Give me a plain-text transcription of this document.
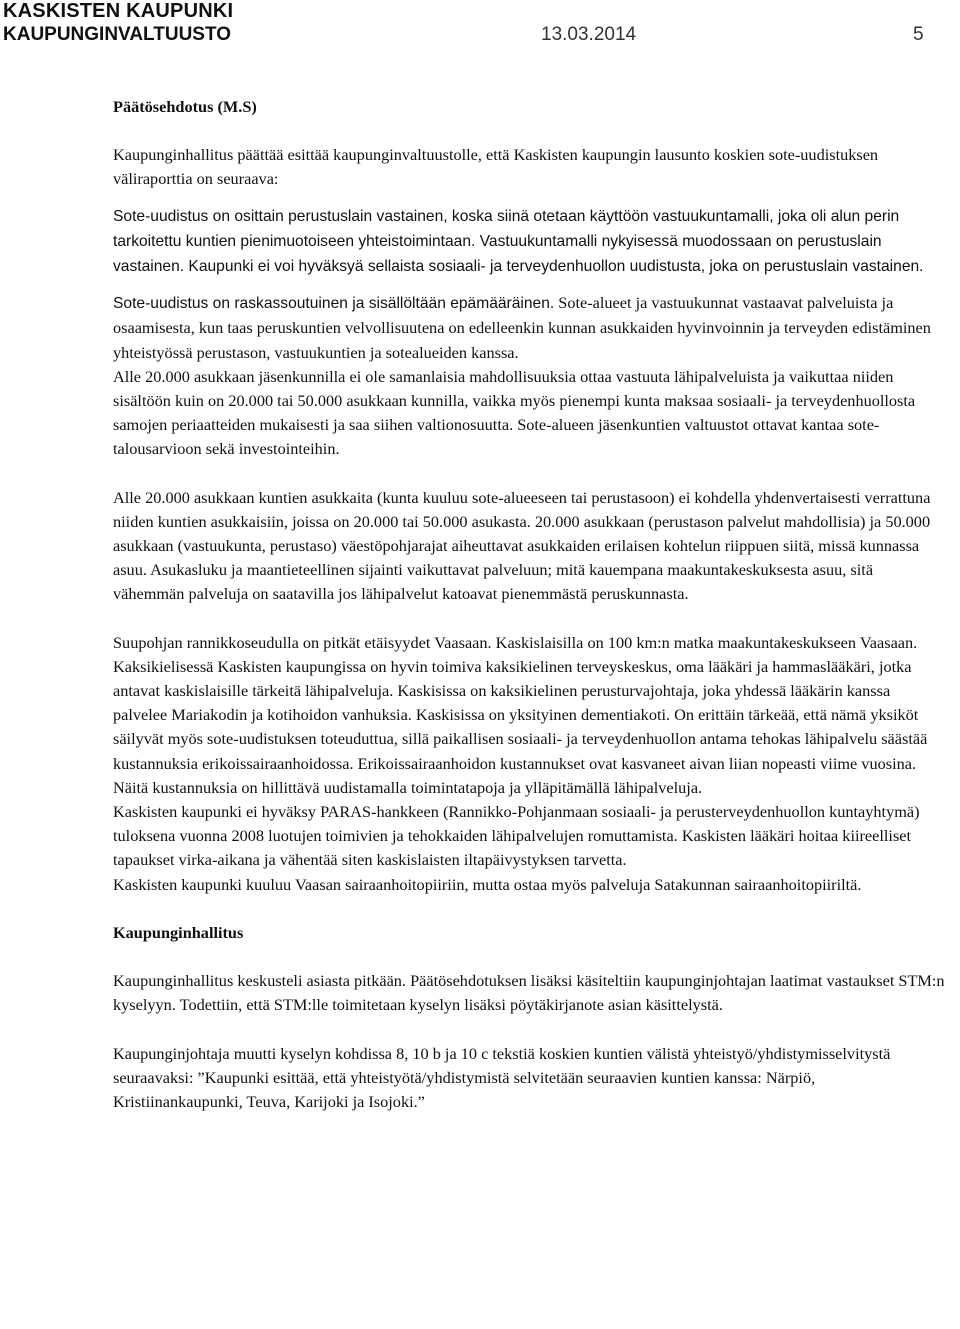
KASKISTEN KAUPUNKI
KAUPUNGINVALTUUSTO	13.03.2014	5

Päätösehdotus (M.S)

Kaupunginhallitus päättää esittää kaupunginvaltuustolle, että Kaskisten kaupungin lausunto koskien sote-uudistuksen väliraporttia on seuraava:

Sote-uudistus on osittain perustuslain vastainen, koska siinä otetaan käyttöön vastuukuntamalli, joka oli alun perin tarkoitettu kuntien pienimuotoiseen yhteistoimintaan. Vastuukuntamalli nykyisessä muodossaan on perustuslain vastainen. Kaupunki ei voi hyväksyä sellaista sosiaali- ja terveydenhuollon uudistusta, joka on perustuslain vastainen.

Sote-uudistus on raskassoutuinen ja sisällöltään epämääräinen. Sote-alueet ja vastuukunnat vastaavat palveluista ja osaamisesta, kun taas peruskuntien velvollisuutena on edelleenkin kunnan asukkaiden hyvinvoinnin ja terveyden edistäminen yhteistyössä perustason, vastuukuntien ja sotealueiden kanssa.

Alle 20.000 asukkaan jäsenkunnilla ei ole samanlaisia mahdollisuuksia ottaa vastuuta lähipalveluista ja vaikuttaa niiden sisältöön kuin on 20.000 tai 50.000 asukkaan kunnilla, vaikka myös pienempi kunta maksaa sosiaali- ja terveydenhuollosta samojen periaatteiden mukaisesti ja saa siihen valtionosuutta. Sote-alueen jäsenkuntien valtuustot ottavat kantaa sote-talousarvioon sekä investointeihin.

Alle 20.000 asukkaan kuntien asukkaita (kunta kuuluu sote-alueeseen tai perustasoon) ei kohdella yhdenvertaisesti verrattuna niiden kuntien asukkaisiin, joissa on 20.000 tai 50.000 asukasta. 20.000 asukkaan (perustason palvelut mahdollisia) ja 50.000 asukkaan (vastuukunta, perustaso) väestöpohjarajat aiheuttavat asukkaiden erilaisen kohtelun riippuen siitä, missä kunnassa asuu. Asukasluku ja maantieteellinen sijainti vaikuttavat palveluun; mitä kauempana maakuntakeskuksesta asuu, sitä vähemmän palveluja on saatavilla jos lähipalvelut katoavat pienemmästä peruskunnasta.

Suupohjan rannikkoseudulla on pitkät etäisyydet Vaasaan. Kaskislaisilla on 100 km:n matka maakuntakeskukseen Vaasaan. Kaksikielisessä Kaskisten kaupungissa on hyvin toimiva kaksikielinen terveyskeskus, oma lääkäri ja hammaslääkäri, jotka antavat kaskislaisille tärkeitä lähipalveluja. Kaskisissa on kaksikielinen perusturvajohtaja, joka yhdessä lääkärin kanssa palvelee Mariakodin ja kotihoidon vanhuksia. Kaskisissa on yksityinen dementiakoti. On erittäin tärkeää, että nämä yksiköt säilyvät myös sote-uudistuksen toteuduttua, sillä paikallisen sosiaali- ja terveydenhuollon antama tehokas lähipalvelu säästää kustannuksia erikoissairaanhoidossa. Erikoissairaanhoidon kustannukset ovat kasvaneet aivan liian nopeasti viime vuosina. Näitä kustannuksia on hillittävä uudistamalla toimintatapoja ja ylläpitämällä lähipalveluja.

Kaskisten kaupunki ei hyväksy PARAS-hankkeen (Rannikko-Pohjanmaan sosiaali- ja perusterveydenhuollon kuntayhtymä) tuloksena vuonna 2008 luotujen toimivien ja tehokkaiden lähipalvelujen romuttamista. Kaskisten lääkäri hoitaa kiireelliset tapaukset virka-aikana ja vähentää siten kaskislaisten iltapäivystyksen tarvetta.

Kaskisten kaupunki kuuluu Vaasan sairaanhoitopiiriin, mutta ostaa myös palveluja Satakunnan sairaanhoitopiiriltä.

Kaupunginhallitus

Kaupunginhallitus keskusteli asiasta pitkään. Päätösehdotuksen lisäksi käsiteltiin kaupunginjohtajan laatimat vastaukset STM:n kyselyyn. Todettiin, että STM:lle toimitetaan kyselyn lisäksi pöytäkirjanote asian käsittelystä.

Kaupunginjohtaja muutti kyselyn kohdissa 8, 10 b ja 10 c tekstiä koskien kuntien välistä yhteistyö/yhdistymisselvitystä seuraavaksi: ”Kaupunki esittää, että yhteistyötä/yhdistymistä selvitetään seuraavien kuntien kanssa: Närpiö, Kristiinankaupunki, Teuva, Karijoki ja Isojoki.”
